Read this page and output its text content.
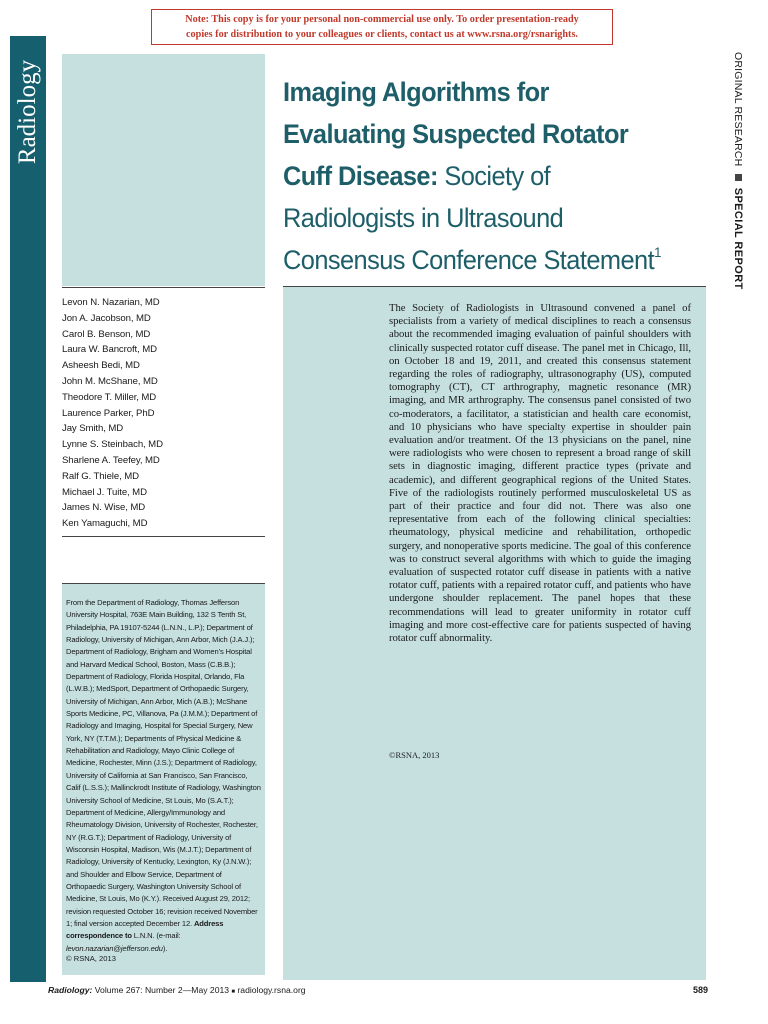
Note: This copy is for your personal non-commercial use only. To order presentation-ready
copies for distribution to your colleagues or clients, contact us at www.rsna.org/rsnarights.
Radiology	Imaging Algorithms for Evaluating Suspected Rotator Cuff Disease: Society of Radiologists in Ultrasound Consensus Conference Statement$^1$
ORIGINAL RESEARCH  SPECIAL REPORT
Levon N. Nazarian, MD
Jon A. Jacobson, MD
Carol B. Benson, MD
Laura W. Bancroft, MD
Asheesh Bedi, MD
John M. McShane, MD
Theodore T. Miller, MD
Laurence Parker, PhD
Jay Smith, MD
Lynne S. Steinbach, MD
Sharlene A. Teefey, MD
Ralf G. Thiele, MD
Michael J. Tuite, MD
James N. Wise, MD
Ken Yamaguchi, MD

From the Department of Radiology, Thomas Jefferson University Hospital, 763E Main Building, 132 S Tenth St, Philadelphia, PA 19107-5244 (L.N.N., L.P.); Department of Radiology, University of Michigan, Ann Arbor, Mich (J.A.J.); Department of Radiology, Brigham and Women’s Hospital and Harvard Medical School, Boston, Mass (C.B.B.); Department of Radiology, Florida Hospital, Orlando, Fla (L.W.B.); MedSport, Department of Orthopaedic Surgery, University of Michigan, Ann Arbor, Mich (A.B.); McShane Sports Medicine, PC, Villanova, Pa (J.M.M.); Department of Radiology and Imaging, Hospital for Special Surgery, New York, NY (T.T.M.); Departments of Physical Medicine & Rehabilitation and Radiology, Mayo Clinic College of Medicine, Rochester, Minn (J.S.); Department of Radiology, University of California at San Francisco, San Francisco, Calif (L.S.S.); Mallinckrodt Institute of Radiology, Washington University School of Medicine, St Louis, Mo (S.A.T.); Department of Medicine, Allergy/Immunology and Rheumatology Division, University of Rochester, Rochester, NY (R.G.T.); Department of Radiology, University of Wisconsin Hospital, Madison, Wis (M.J.T.); Department of Radiology, University of Kentucky, Lexington, Ky (J.N.W.); and Shoulder and Elbow Service, Department of Orthopaedic Surgery, Washington University School of Medicine, St Louis, Mo (K.Y.). Received August 29, 2012; revision requested October 16; revision received November 1; final version accepted December 12. Address correspondence to L.N.N. (e-mail: levon.nazarian@jefferson.edu).

© RSNA, 2013

The Society of Radiologists in Ultrasound convened a panel of specialists from a variety of medical disciplines to reach a consensus about the recommended imaging evaluation of painful shoulders with clinically suspected rotator cuff disease. The panel met in Chicago, Ill, on October 18 and 19, 2011, and created this consensus statement regarding the roles of radiography, ultrasonography (US), computed tomography (CT), CT arthrography, magnetic resonance (MR) imaging, and MR arthrography. The consensus panel consisted of two co-moderators, a facilitator, a statistician and health care economist, and 10 physicians who have specialty expertise in shoulder pain evaluation and/or treatment. Of the 13 physicians on the panel, nine were radiologists who were chosen to represent a broad range of skill sets in diagnostic imaging, different practice types (private and academic), and different geographical regions of the United States. Five of the radiologists routinely performed musculoskeletal US as part of their practice and four did not. There was also one representative from each of the following clinical specialties: rheumatology, physical medicine and rehabilitation, orthopedic surgery, and nonoperative sports medicine. The goal of this conference was to construct several algorithms with which to guide the imaging evaluation of suspected rotator cuff disease in patients with a native rotator cuff, patients with a repaired rotator cuff, and patients who have undergone shoulder replacement. The panel hopes that these recommendations will lead to greater uniformity in rotator cuff imaging and more cost-effective care for patients suspected of having rotator cuff abnormality.

©RSNA, 2013

Radiology: Volume 267: Number 2—May 2013 ■ radiology.rsna.org	589
